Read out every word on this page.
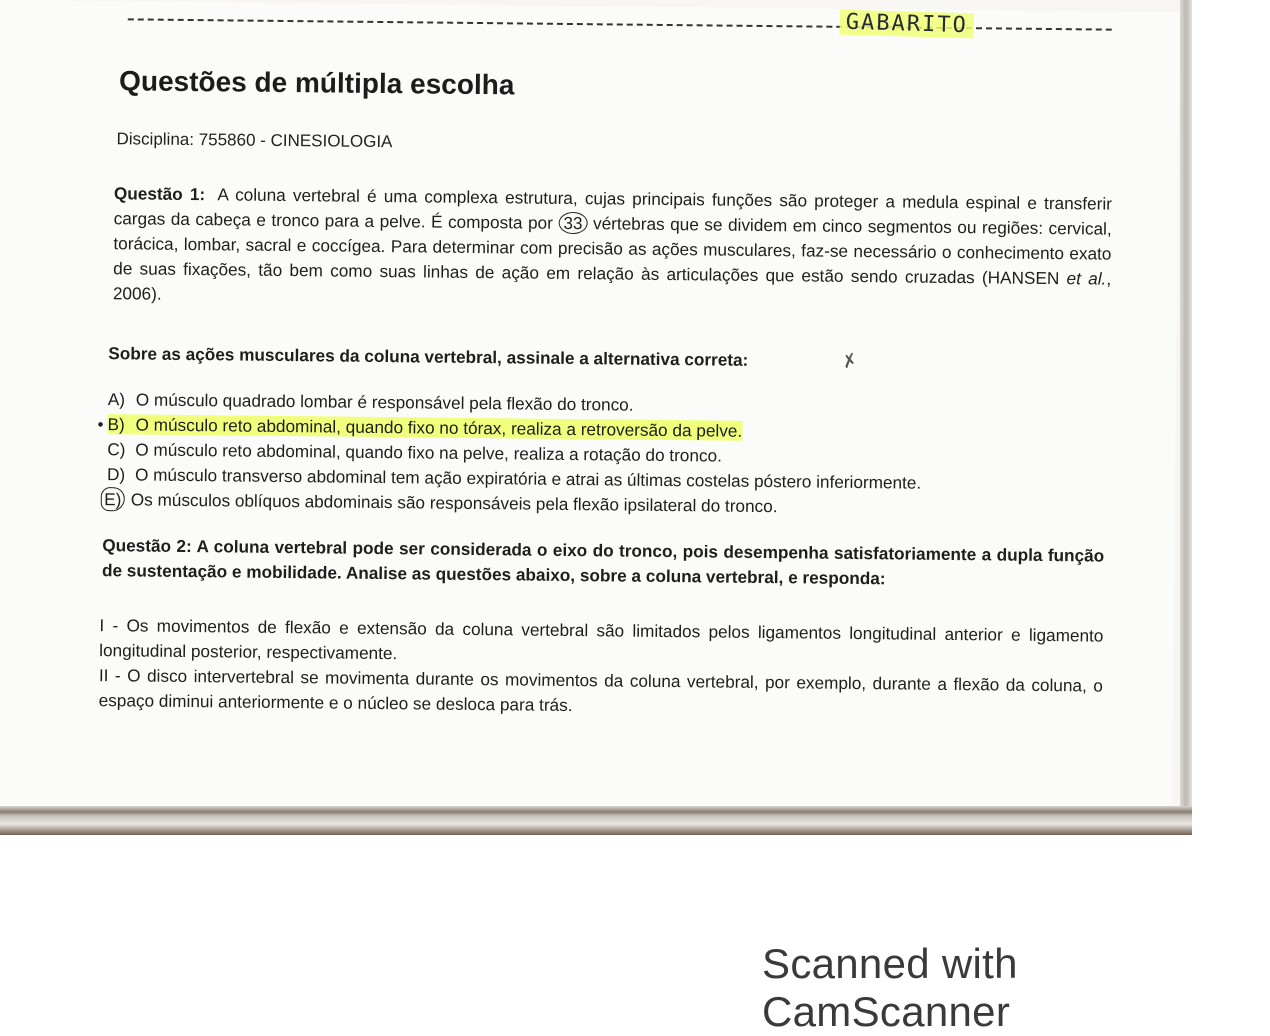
GABARITO
Questões de múltipla escolha
Disciplina: 755860 - CINESIOLOGIA
Questão 1: A coluna vertebral é uma complexa estrutura, cujas principais funções são proteger a medula espinal e transferir cargas da cabeça e tronco para a pelve. É composta por 33 vértebras que se dividem em cinco segmentos ou regiões: cervical, torácica, lombar, sacral e coccígea. Para determinar com precisão as ações musculares, faz-se necessário o conhecimento exato de suas fixações, tão bem como suas linhas de ação em relação às articulações que estão sendo cruzadas (HANSEN et al., 2006).
Sobre as ações musculares da coluna vertebral, assinale a alternativa correta:	✗
A) O músculo quadrado lombar é responsável pela flexão do tronco.
• B) O músculo reto abdominal, quando fixo no tórax, realiza a retroversão da pelve.
C) O músculo reto abdominal, quando fixo na pelve, realiza a rotação do tronco.
D) O músculo transverso abdominal tem ação expiratória e atrai as últimas costelas póstero inferiormente.
E) Os músculos oblíquos abdominais são responsáveis pela flexão ipsilateral do tronco.
Questão 2: A coluna vertebral pode ser considerada o eixo do tronco, pois desempenha satisfatoriamente a dupla função de sustentação e mobilidade. Analise as questões abaixo, sobre a coluna vertebral, e responda:
I - Os movimentos de flexão e extensão da coluna vertebral são limitados pelos ligamentos longitudinal anterior e ligamento longitudinal posterior, respectivamente.
II - O disco intervertebral se movimenta durante os movimentos da coluna vertebral, por exemplo, durante a flexão da coluna, o espaço diminui anteriormente e o núcleo se desloca para trás.
Scanned with CamScanner
